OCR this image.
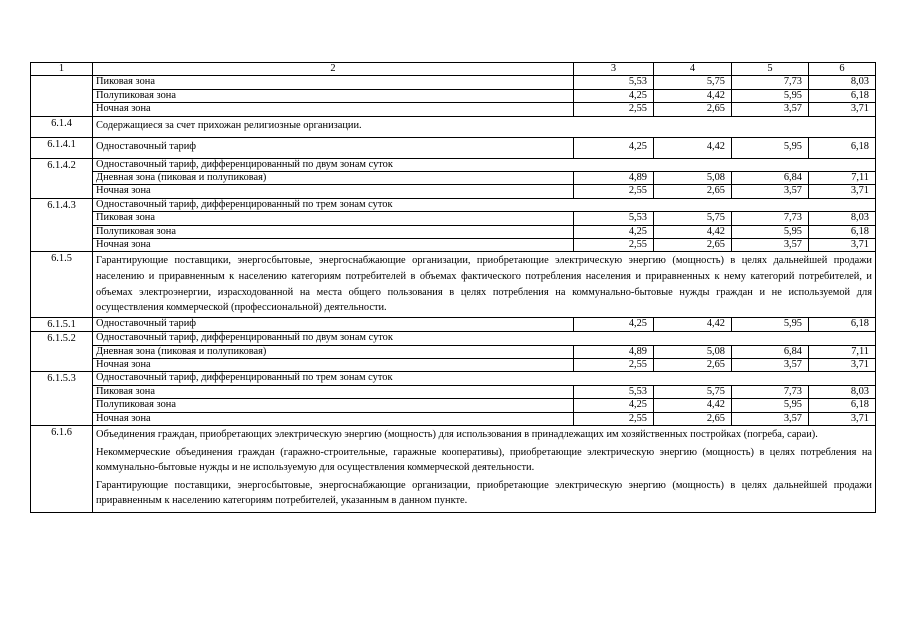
1	2	3	4	5	6
	Пиковая зона	5,53	5,75	7,73	8,03
	Полупиковая зона	4,25	4,42	5,95	6,18
	Ночная зона	2,55	2,65	3,57	3,71
6.1.4	Содержащиеся за счет прихожан религиозные организации.				
6.1.4.1	Одноставочный тариф	4,25	4,42	5,95	6,18
6.1.4.2	Одноставочный тариф, дифференцированный по двум зонам суток				
	Дневная зона (пиковая и полупиковая)	4,89	5,08	6,84	7,11
	Ночная зона	2,55	2,65	3,57	3,71
6.1.4.3	Одноставочный тариф, дифференцированный по трем зонам суток				
	Пиковая зона	5,53	5,75	7,73	8,03
	Полупиковая зона	4,25	4,42	5,95	6,18
	Ночная зона	2,55	2,65	3,57	3,71
6.1.5	Гарантирующие поставщики, энергосбытовые, энергоснабжающие организации, приобретающие электрическую энергию (мощность) в целях дальнейшей продажи населению и приравненным к населению категориям потребителей в объемах фактического потребления населения и приравненных к нему категорий потребителей, и объемах электроэнергии, израсходованной на места общего пользования в целях потребления на коммунально-бытовые нужды граждан и не используемой для осуществления коммерческой (профессиональной) деятельности.				
6.1.5.1	Одноставочный тариф	4,25	4,42	5,95	6,18
6.1.5.2	Одноставочный тариф, дифференцированный по двум зонам суток				
	Дневная зона (пиковая и полупиковая)	4,89	5,08	6,84	7,11
	Ночная зона	2,55	2,65	3,57	3,71
6.1.5.3	Одноставочный тариф, дифференцированный по трем зонам суток				
	Пиковая зона	5,53	5,75	7,73	8,03
	Полупиковая зона	4,25	4,42	5,95	6,18
	Ночная зона	2,55	2,65	3,57	3,71
6.1.6	Объединения граждан, приобретающих электрическую энергию (мощность) для использования в принадлежащих им хозяйственных постройках (погреба, сараи).

Некоммерческие объединения граждан (гаражно-строительные, гаражные кооперативы), приобретающие электрическую энергию (мощность) в целях потребления на коммунально-бытовые нужды и не используемую для осуществления коммерческой деятельности.

Гарантирующие поставщики, энергосбытовые, энергоснабжающие организации, приобретающие электрическую энергию (мощность) в целях дальнейшей продажи приравненным к населению категориям потребителей, указанным в данном пункте.				
